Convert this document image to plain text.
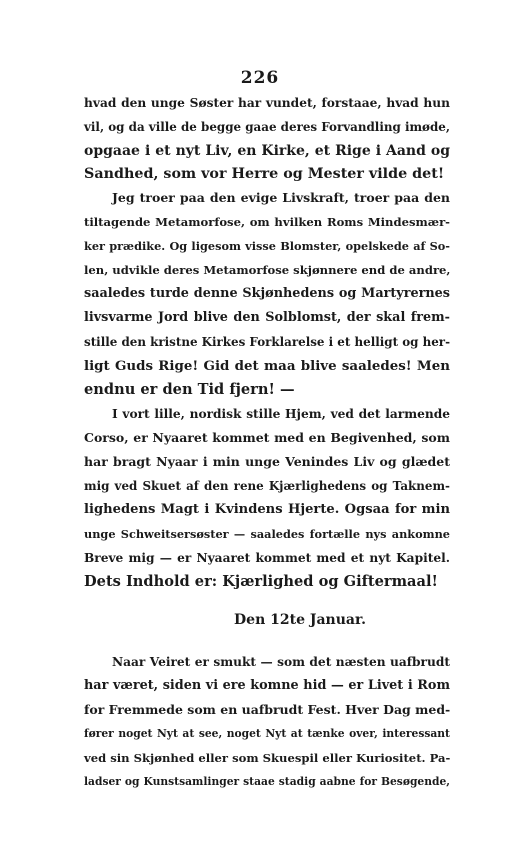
226
hvad den unge Søster har vundet, forstaae, hvad hun
vil, og da ville de begge gaae deres Forvandling imøde,
opgaae i et nyt Liv, en Kirke, et Rige i Aand og
Sandhed, som vor Herre og Mester vilde det!
Jeg troer paa den evige Livskraft, troer paa den
tiltagende Metamorfose, om hvilken Roms Mindesmær-
ker prædike. Og ligesom visse Blomster, opelskede af So-
len, udvikle deres Metamorfose skjønnere end de andre,
saaledes turde denne Skjønhedens og Martyrernes
livsvarme Jord blive den Solblomst, der skal frem-
stille den kristne Kirkes Forklarelse i et helligt og her-
ligt Guds Rige! Gid det maa blive saaledes! Men
endnu er den Tid fjern! —
I vort lille, nordisk stille Hjem, ved det larmende
Corso, er Nyaaret kommet med en Begivenhed, som
har bragt Nyaar i min unge Venindes Liv og glædet
mig ved Skuet af den rene Kjærlighedens og Taknem-
lighedens Magt i Kvindens Hjerte. Ogsaa for min
unge Schweitsersøster — saaledes fortælle nys ankomne
Breve mig — er Nyaaret kommet med et nyt Kapitel.
Dets Indhold er: Kjærlighed og Giftermaal!
Den 12te Januar.
Naar Veiret er smukt — som det næsten uafbrudt
har været, siden vi ere komne hid — er Livet i Rom
for Fremmede som en uafbrudt Fest. Hver Dag med-
fører noget Nyt at see, noget Nyt at tænke over, interessant
ved sin Skjønhed eller som Skuespil eller Kuriositet. Pa-
ladser og Kunstsamlinger staae stadig aabne for Besøgende,
